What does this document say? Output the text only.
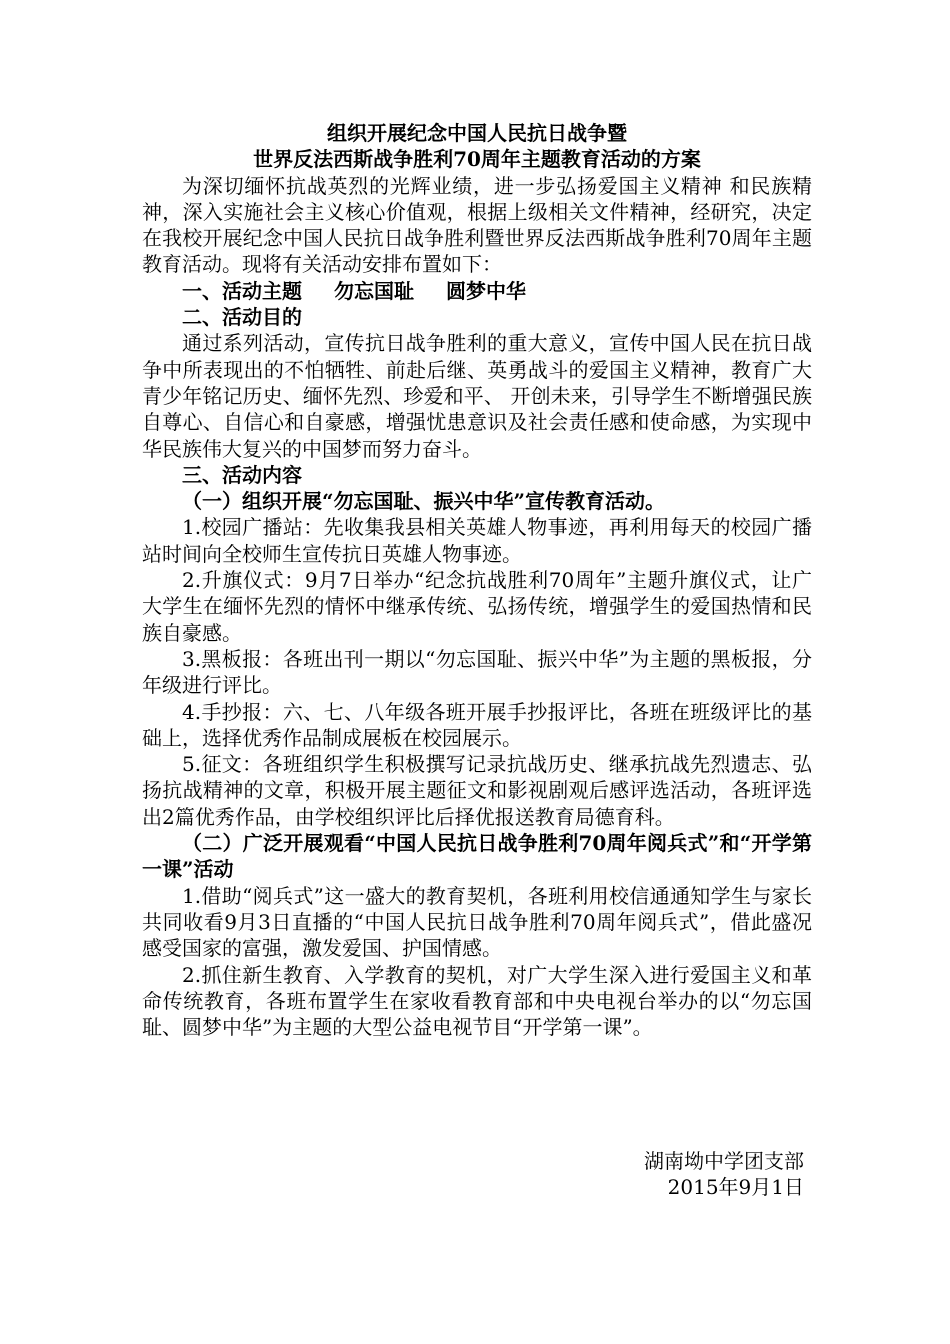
组织开展纪念中国人民抗日战争暨
世界反法西斯战争胜利70周年主题教育活动的方案

为深切缅怀抗战英烈的光辉业绩，进一步弘扬爱国主义精神 和民族精神，深入实施社会主义核心价值观，根据上级相关文件精神，经研究，决定在我校开展纪念中国人民抗日战争胜利暨世界反法西斯战争胜利70周年主题教育活动。现将有关活动安排布置如下：

一、活动主题 勿忘国耻 圆梦中华

二、活动目的

通过系列活动，宣传抗日战争胜利的重大意义，宣传中国人民在抗日战争中所表现出的不怕牺牲、前赴后继、英勇战斗的爱国主义精神，教育广大青少年铭记历史、缅怀先烈、珍爱和平、 开创未来，引导学生不断增强民族自尊心、自信心和自豪感，增强忧患意识及社会责任感和使命感，为实现中华民族伟大复兴的中国梦而努力奋斗。

三、活动内容

（一）组织开展“勿忘国耻、振兴中华”宣传教育活动。

1.校园广播站：先收集我县相关英雄人物事迹，再利用每天的校园广播站时间向全校师生宣传抗日英雄人物事迹。

2.升旗仪式：9月7日举办“纪念抗战胜利70周年”主题升旗仪式，让广大学生在缅怀先烈的情怀中继承传统、弘扬传统，增强学生的爱国热情和民族自豪感。

3.黑板报：各班出刊一期以“勿忘国耻、振兴中华”为主题的黑板报，分年级进行评比。

4.手抄报：六、七、八年级各班开展手抄报评比，各班在班级评比的基础上，选择优秀作品制成展板在校园展示。

5.征文：各班组织学生积极撰写记录抗战历史、继承抗战先烈遗志、弘扬抗战精神的文章，积极开展主题征文和影视剧观后感评选活动，各班评选出2篇优秀作品，由学校组织评比后择优报送教育局德育科。

（二）广泛开展观看“中国人民抗日战争胜利70周年阅兵式”和“开学第一课”活动

1.借助“阅兵式”这一盛大的教育契机，各班利用校信通通知学生与家长共同收看9月3日直播的“中国人民抗日战争胜利70周年阅兵式”，借此盛况感受国家的富强，激发爱国、护国情感。

2.抓住新生教育、入学教育的契机，对广大学生深入进行爱国主义和革命传统教育，各班布置学生在家收看教育部和中央电视台举办的以“勿忘国耻、圆梦中华”为主题的大型公益电视节目“开学第一课”。

湖南坳中学团支部
2015年9月1日
